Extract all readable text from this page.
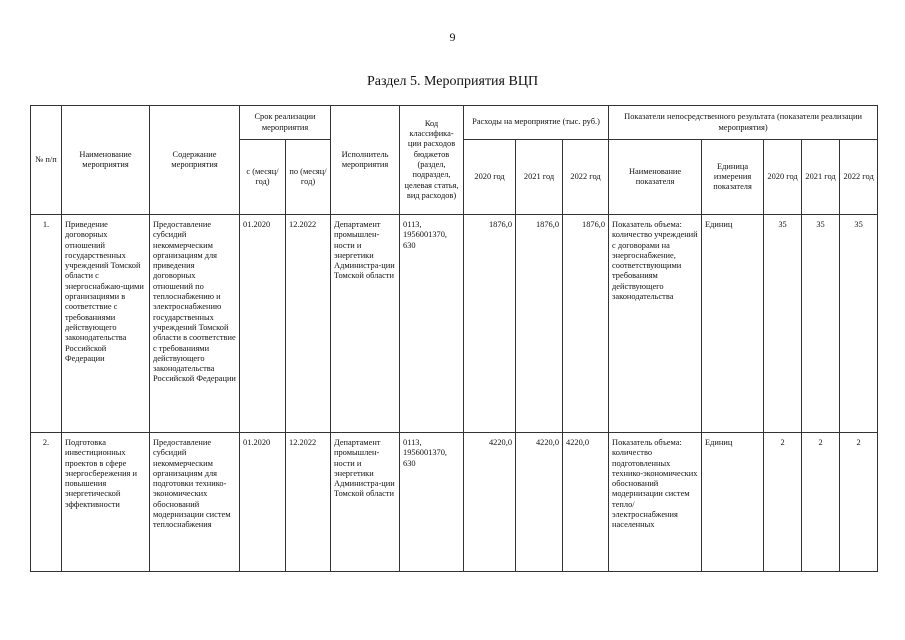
9
Раздел 5. Мероприятия ВЦП
№ п/п	Наименование мероприятия	Содержание мероприятия	Срок реализации мероприятия		Исполнитель мероприятия	Код классифика-ции расходов бюджетов (раздел, подраздел, целевая статья, вид расходов)	Расходы на мероприятие (тыс. руб.)			Показатели непосредственного результата (показатели реализации мероприятия)				
			с (месяц/ год)	по (месяц/ год)			2020 год	2021 год	2022 год	Наименование показателя	Единица измерения показателя	2020 год	2021 год	2022 год
1.	Приведение договорных отношений государственных учреждений Томской области с энергоснабжаю-щими организациями в соответствие с требованиями действующего законодательства Российской Федерации	Предоставление субсидий некоммерческим организациям для приведения договорных отношений по теплоснабжению и электроснабжению государственных учреждений Томской области в соответствие с требованиями действующего законодательства Российской Федерации	01.2020	12.2022	Департамент промышлен-ности и энергетики Администра-ции Томской области	0113, 1956001370, 630	1876,0	1876,0	1876,0	Показатель объема: количество учреждений с договорами на энергоснабжение, соответствующими требованиям действующего законодательства	Единиц	35	35	35
2.	Подготовка инвестиционных проектов в сфере энергосбережения и повышения энергетической эффективности	Предоставление субсидий некоммерческим организациям для подготовки технико-экономических обоснований модернизации систем теплоснабжения	01.2020	12.2022	Департамент промышлен-ности и энергетики Администра-ции Томской области	0113, 1956001370, 630	4220,0	4220,0	4220,0	Показатель объема: количество подготовленных технико-экономических обоснований модернизации систем тепло/ электроснабжения населенных	Единиц	2	2	2
